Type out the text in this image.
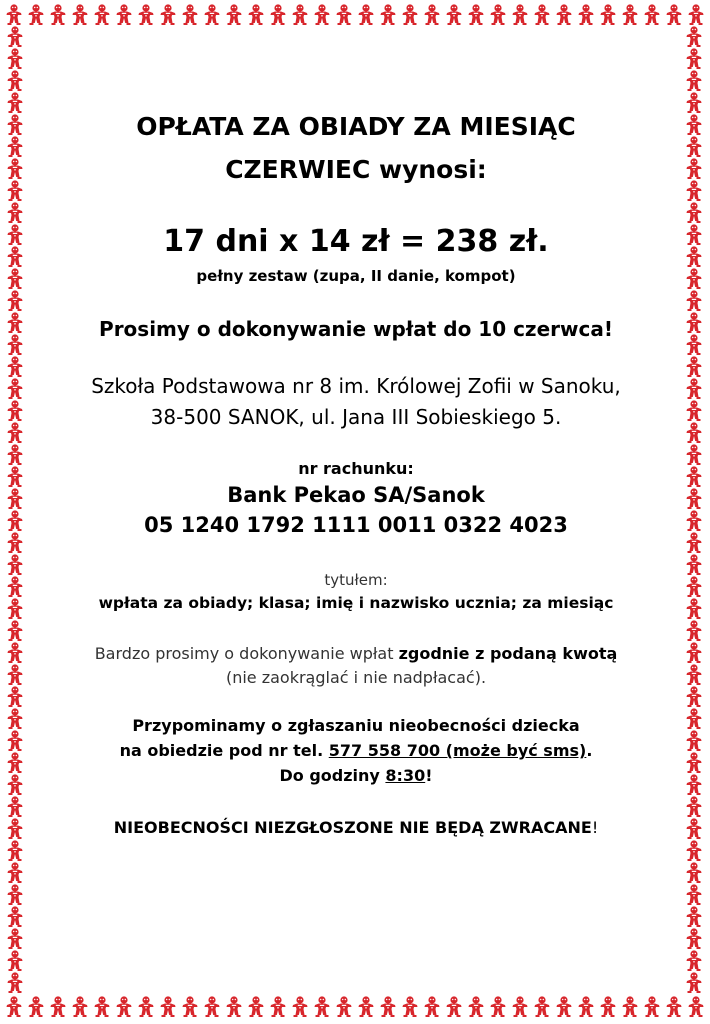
OPŁATA ZA OBIADY ZA MIESIĄC
CZERWIEC wynosi:
17 dni x 14 zł = 238 zł.
pełny zestaw (zupa, II danie, kompot)
Prosimy o dokonywanie wpłat do 10 czerwca!
Szkoła Podstawowa nr 8 im. Królowej Zofii w Sanoku,
38-500 SANOK, ul. Jana III Sobieskiego 5.
nr rachunku:
Bank Pekao SA/Sanok
05 1240 1792 1111 0011 0322 4023
tytułem:
wpłata za obiady; klasa; imię i nazwisko ucznia; za miesiąc
Bardzo prosimy o dokonywanie wpłat zgodnie z podaną kwotą
(nie zaokrąglać i nie nadpłacać).
Przypominamy o zgłaszaniu nieobecności dziecka
na obiedzie pod nr tel. 577 558 700 (może być sms).
Do godziny 8:30!
NIEOBECNOŚCI NIEZGŁOSZONE NIE BĘDĄ ZWRACANE!
